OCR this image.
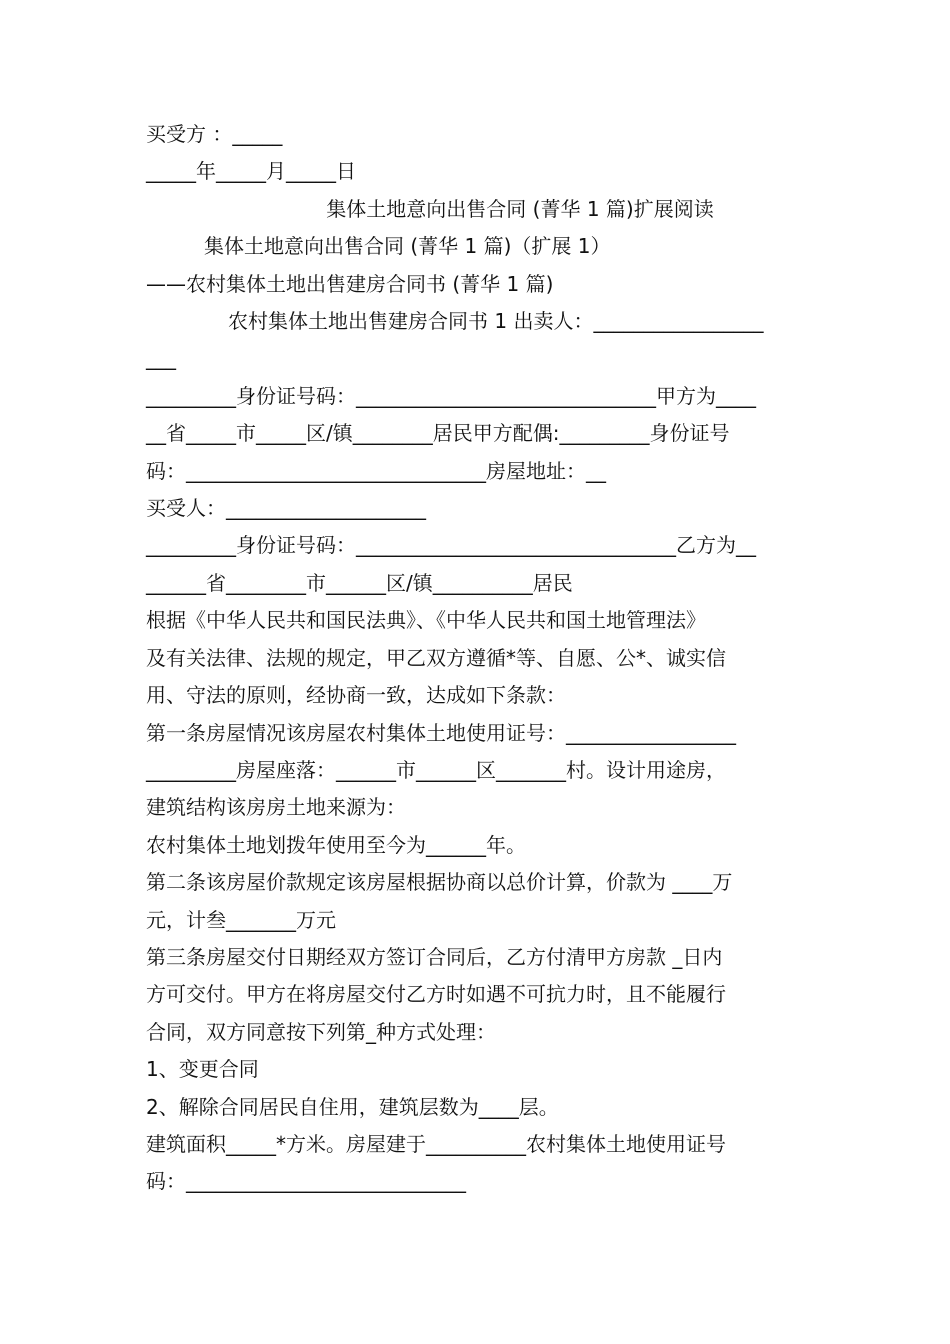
买受方 ：_____

_____年_____月_____日

集体土地意向出售合同 (菁华 1 篇)扩展阅读

集体土地意向出售合同 (菁华 1 篇)（扩展 1）

——农村集体土地出售建房合同书 (菁华 1 篇)

农村集体土地出售建房合同书 1 出卖人：_________________

___

_________身份证号码：______________________________甲方为____

__省_____市_____区/镇________居民甲方配偶:_________身份证号

码：______________________________房屋地址：__

买受人：____________________

_________身份证号码：________________________________乙方为__

______省________市______区/镇__________居民

根据《中华人民共和国民法典》、《中华人民共和国土地管理法》

及有关法律、法规的规定，甲乙双方遵循*等、自愿、公*、诚实信

用、守法的原则，经协商一致，达成如下条款：

第一条房屋情况该房屋农村集体土地使用证号：_________________

_________房屋座落：______市______区_______村。设计用途房，

建筑结构该房房土地来源为：

农村集体土地划拨年使用至今为______年。

第二条该房屋价款规定该房屋根据协商以总价计算，价款为 ____万

元，计叁_______万元

第三条房屋交付日期经双方签订合同后，乙方付清甲方房款 _日内

方可交付。甲方在将房屋交付乙方时如遇不可抗力时，且不能履行

合同，双方同意按下列第_种方式处理：

1、变更合同

2、解除合同居民自住用，建筑层数为____层。

建筑面积_____*方米。房屋建于__________农村集体土地使用证号

码：____________________________
